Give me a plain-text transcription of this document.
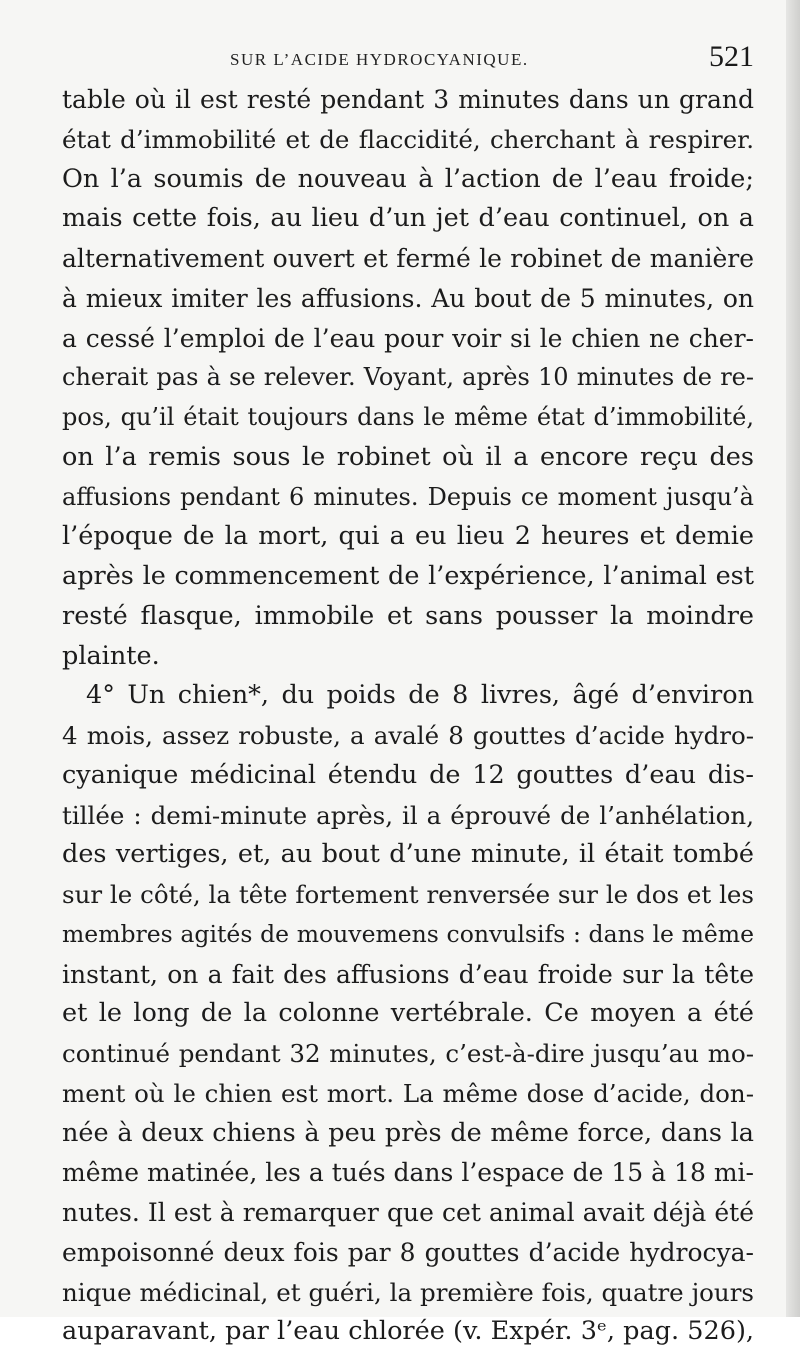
SUR L’ACIDE HYDROCYANIQUE.	521
table où il est resté pendant 3 minutes dans un grand
état d’immobilité et de flaccidité, cherchant à respirer.
On l’a soumis de nouveau à l’action de l’eau froide;
mais cette fois, au lieu d’un jet d’eau continuel, on a
alternativement ouvert et fermé le robinet de manière
à mieux imiter les affusions. Au bout de 5 minutes, on
a cessé l’emploi de l’eau pour voir si le chien ne cher-
cherait pas à se relever. Voyant, après 10 minutes de re-
pos, qu’il était toujours dans le même état d’immobilité,
on l’a remis sous le robinet où il a encore reçu des
affusions pendant 6 minutes. Depuis ce moment jusqu’à
l’époque de la mort, qui a eu lieu 2 heures et demie
après le commencement de l’expérience, l’animal est
resté flasque, immobile et sans pousser la moindre
plainte.
4° Un chien*, du poids de 8 livres, âgé d’environ
4 mois, assez robuste, a avalé 8 gouttes d’acide hydro-
cyanique médicinal étendu de 12 gouttes d’eau dis-
tillée : demi-minute après, il a éprouvé de l’anhélation,
des vertiges, et, au bout d’une minute, il était tombé
sur le côté, la tête fortement renversée sur le dos et les
membres agités de mouvemens convulsifs : dans le même
instant, on a fait des affusions d’eau froide sur la tête
et le long de la colonne vertébrale. Ce moyen a été
continué pendant 32 minutes, c’est-à-dire jusqu’au mo-
ment où le chien est mort. La même dose d’acide, don-
née à deux chiens à peu près de même force, dans la
même matinée, les a tués dans l’espace de 15 à 18 mi-
nutes. Il est à remarquer que cet animal avait déjà été
empoisonné deux fois par 8 gouttes d’acide hydrocya-
nique médicinal, et guéri, la première fois, quatre jours
auparavant, par l’eau chlorée (v. Expér. 3ᵉ, pag. 526),
